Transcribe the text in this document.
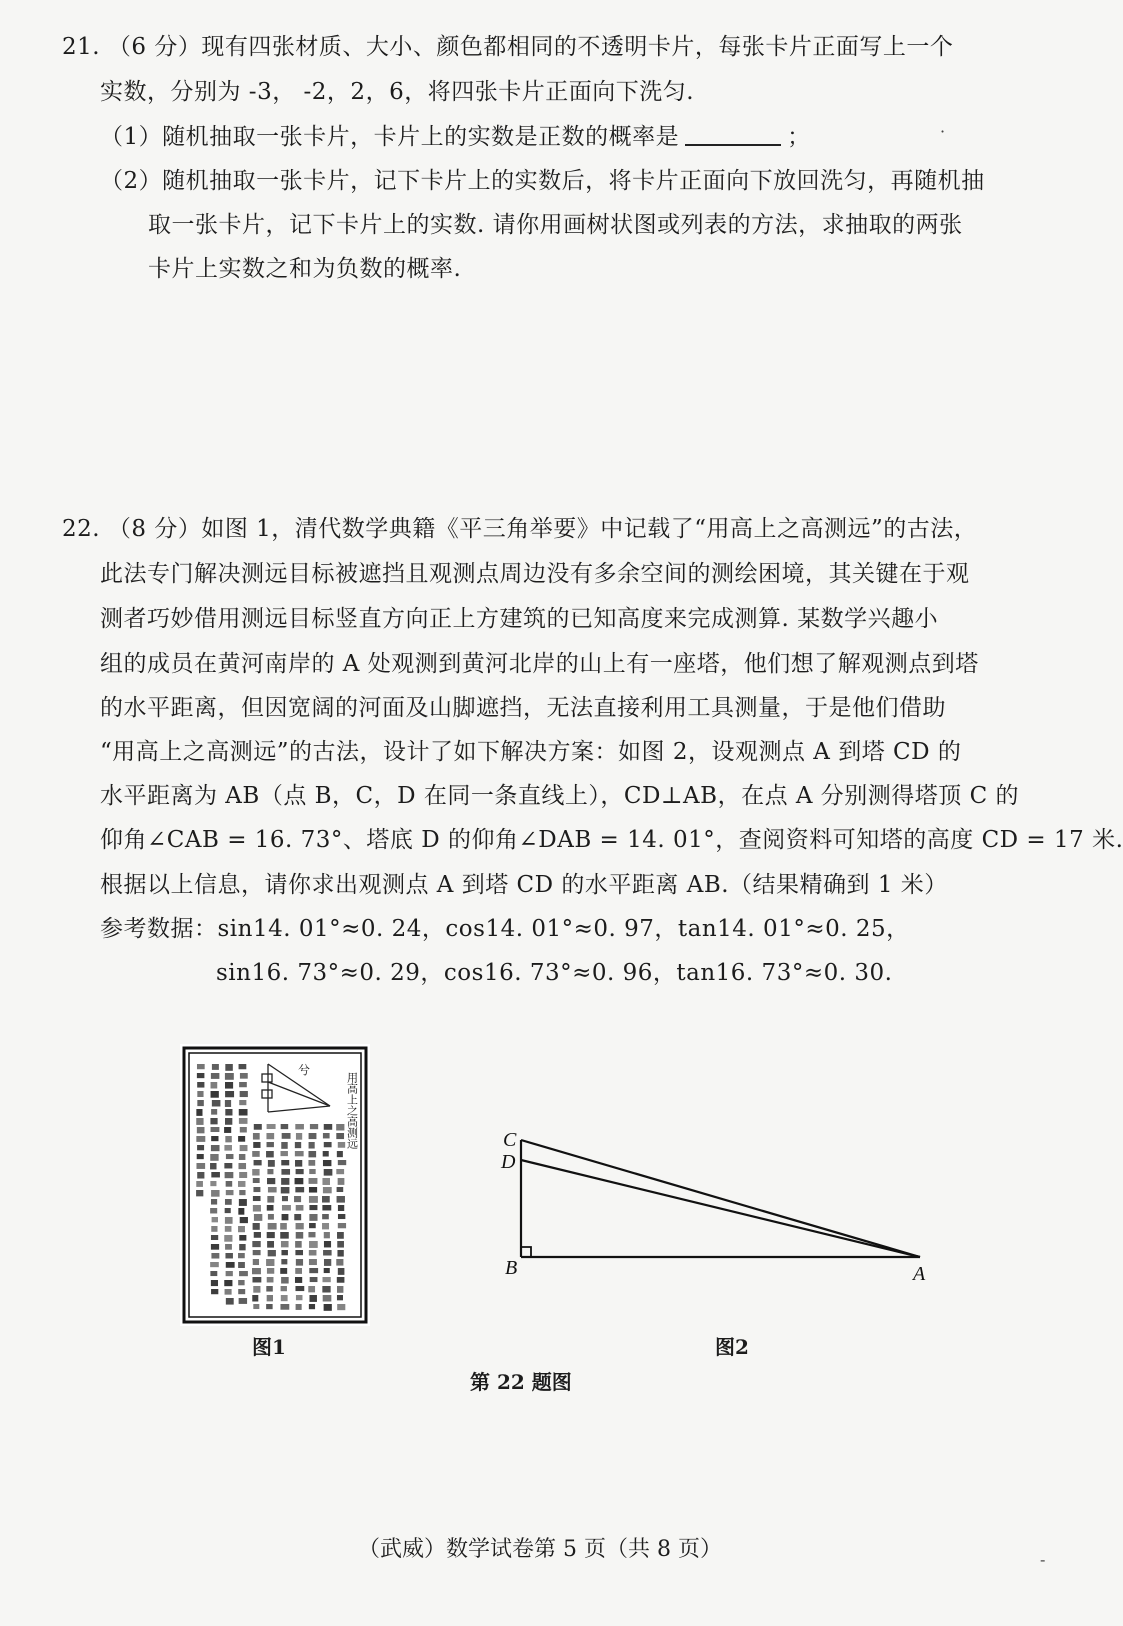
21. （6 分）现有四张材质、大小、颜色都相同的不透明卡片，每张卡片正面写上一个
实数，分别为 -3， -2，2，6，将四张卡片正面向下洗匀.
（1）随机抽取一张卡片，卡片上的实数是正数的概率是	；
（2）随机抽取一张卡片，记下卡片上的实数后，将卡片正面向下放回洗匀，再随机抽
取一张卡片，记下卡片上的实数. 请你用画树状图或列表的方法，求抽取的两张
卡片上实数之和为负数的概率.
22. （8 分）如图 1，清代数学典籍《平三角举要》中记载了“用高上之高测远”的古法，
此法专门解决测远目标被遮挡且观测点周边没有多余空间的测绘困境，其关键在于观
测者巧妙借用测远目标竖直方向正上方建筑的已知高度来完成测算. 某数学兴趣小
组的成员在黄河南岸的 A 处观测到黄河北岸的山上有一座塔，他们想了解观测点到塔
的水平距离，但因宽阔的河面及山脚遮挡，无法直接利用工具测量，于是他们借助
“用高上之高测远”的古法，设计了如下解决方案：如图 2，设观测点 A 到塔 CD 的
水平距离为 AB（点 B，C，D 在同一条直线上），CD⊥AB，在点 A 分别测得塔顶 C 的
仰角∠CAB = 16. 73°、塔底 D 的仰角∠DAB = 14. 01°，查阅资料可知塔的高度 CD = 17 米.
根据以上信息，请你求出观测点 A 到塔 CD 的水平距离 AB.（结果精确到 1 米）
参考数据：sin14. 01°≈0. 24，cos14. 01°≈0. 97，tan14. 01°≈0. 25，
sin16. 73°≈0. 29，cos16. 73°≈0. 96，tan16. 73°≈0. 30.
兮
用高上之高测远
图1
C
D
B	A
图2
第 22 题图
（武威）数学试卷第 5 页（共 8 页）
·
-
